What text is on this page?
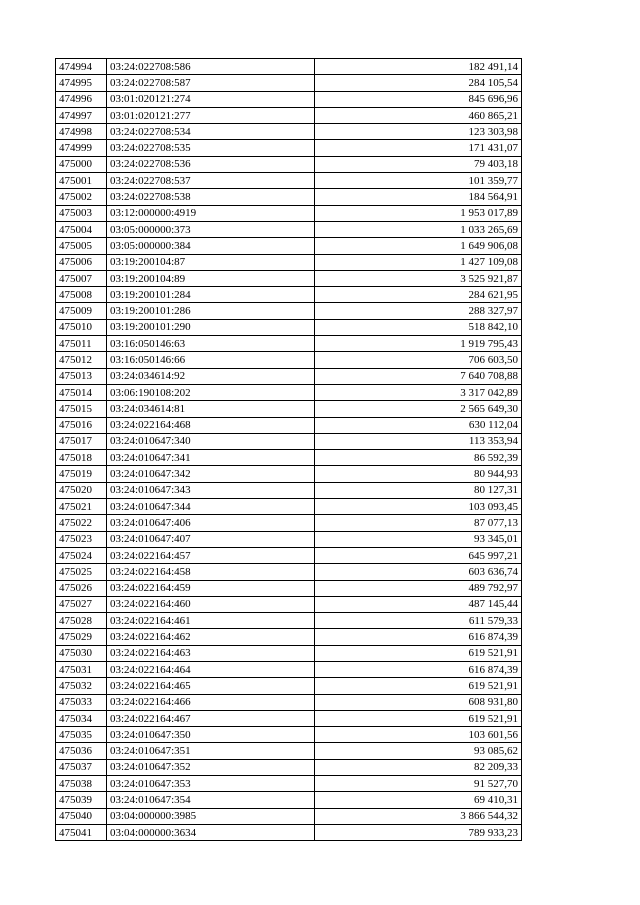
474994	03:24:022708:586	182 491,14
474995	03:24:022708:587	284 105,54
474996	03:01:020121:274	845 696,96
474997	03:01:020121:277	460 865,21
474998	03:24:022708:534	123 303,98
474999	03:24:022708:535	171 431,07
475000	03:24:022708:536	79 403,18
475001	03:24:022708:537	101 359,77
475002	03:24:022708:538	184 564,91
475003	03:12:000000:4919	1 953 017,89
475004	03:05:000000:373	1 033 265,69
475005	03:05:000000:384	1 649 906,08
475006	03:19:200104:87	1 427 109,08
475007	03:19:200104:89	3 525 921,87
475008	03:19:200101:284	284 621,95
475009	03:19:200101:286	288 327,97
475010	03:19:200101:290	518 842,10
475011	03:16:050146:63	1 919 795,43
475012	03:16:050146:66	706 603,50
475013	03:24:034614:92	7 640 708,88
475014	03:06:190108:202	3 317 042,89
475015	03:24:034614:81	2 565 649,30
475016	03:24:022164:468	630 112,04
475017	03:24:010647:340	113 353,94
475018	03:24:010647:341	86 592,39
475019	03:24:010647:342	80 944,93
475020	03:24:010647:343	80 127,31
475021	03:24:010647:344	103 093,45
475022	03:24:010647:406	87 077,13
475023	03:24:010647:407	93 345,01
475024	03:24:022164:457	645 997,21
475025	03:24:022164:458	603 636,74
475026	03:24:022164:459	489 792,97
475027	03:24:022164:460	487 145,44
475028	03:24:022164:461	611 579,33
475029	03:24:022164:462	616 874,39
475030	03:24:022164:463	619 521,91
475031	03:24:022164:464	616 874,39
475032	03:24:022164:465	619 521,91
475033	03:24:022164:466	608 931,80
475034	03:24:022164:467	619 521,91
475035	03:24:010647:350	103 601,56
475036	03:24:010647:351	93 085,62
475037	03:24:010647:352	82 209,33
475038	03:24:010647:353	91 527,70
475039	03:24:010647:354	69 410,31
475040	03:04:000000:3985	3 866 544,32
475041	03:04:000000:3634	789 933,23
